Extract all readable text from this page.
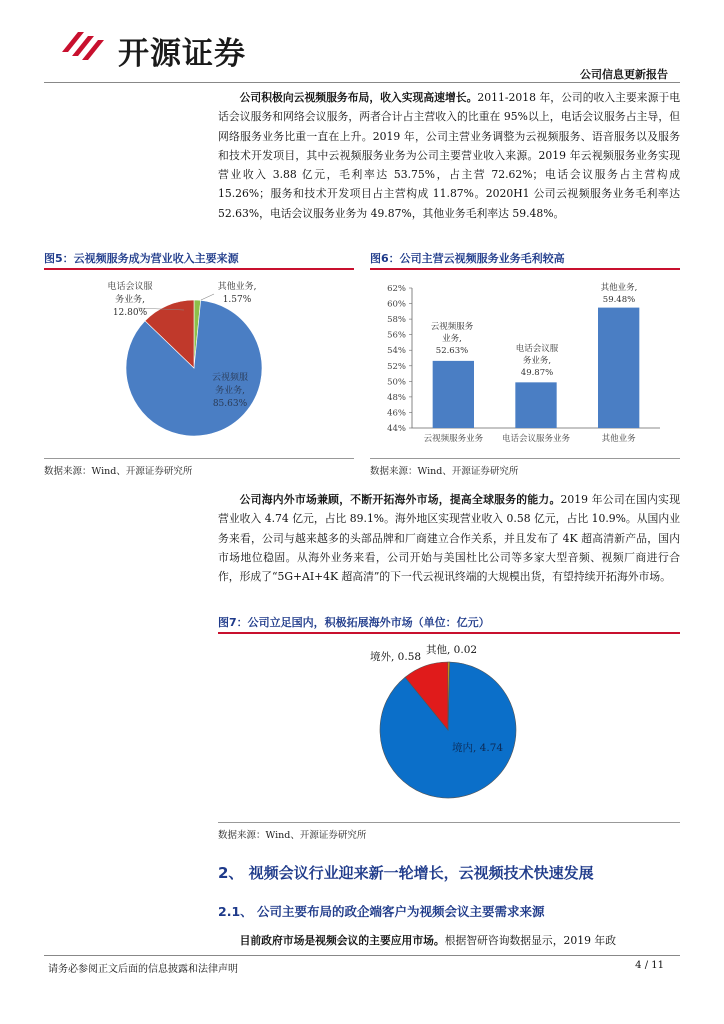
开源证券
公司信息更新报告
公司积极向云视频服务布局，收入实现高速增长。2011-2018 年，公司的收入主要来源于电话会议服务和网络会议服务，两者合计占主营收入的比重在 95%以上，电话会议服务占主导，但网络服务业务比重一直在上升。2019 年，公司主营业务调整为云视频服务、语音服务以及服务和技术开发项目，其中云视频服务业务为公司主要营业收入来源。2019 年云视频服务业务实现营业收入 3.88 亿元，毛利率达 53.75%，占主营 72.62%；电话会议服务占主营构成 15.26%；服务和技术开发项目占主营构成 11.87%。2020H1 公司云视频服务业务毛利率达 52.63%，电话会议服务业务为 49.87%，其他业务毛利率达 59.48%。
图5：云视频服务成为营业收入主要来源
电话会议服
务业务,
12.80%
其他业务,
1.57%
云视频服
务业务,
85.63%
数据来源：Wind、开源证券研究所
图6：公司主营云视频服务业务毛利较高
44%
46%
48%
50%
52%
54%
56%
58%
60%
62%
云视频服务业务 电话会议服务业务	其他业务
云视频服务
业务,
52.63%	电话会议服
务业务,
49.87%
其他业务,
59.48%
数据来源：Wind、开源证券研究所
公司海内外市场兼顾，不断开拓海外市场，提高全球服务的能力。2019 年公司在国内实现营业收入 4.74 亿元，占比 89.1%。海外地区实现营业收入 0.58 亿元，占比 10.9%。从国内业务来看，公司与越来越多的头部品牌和厂商建立合作关系，并且发布了 4K 超高清新产品，国内市场地位稳固。从海外业务来看，公司开始与美国杜比公司等多家大型音频、视频厂商进行合作，形成了“5G+AI+4K 超高清”的下一代云视讯终端的大规模出货，有望持续开拓海外市场。
图7：公司立足国内，积极拓展海外市场（单位：亿元）
其他, 0.02
境外, 0.58
境内, 4.74
数据来源：Wind、开源证券研究所
2、 视频会议行业迎来新一轮增长，云视频技术快速发展
2.1、 公司主要布局的政企端客户为视频会议主要需求来源
目前政府市场是视频会议的主要应用市场。根据智研咨询数据显示，2019 年政
请务必参阅正文后面的信息披露和法律声明	4 / 11
